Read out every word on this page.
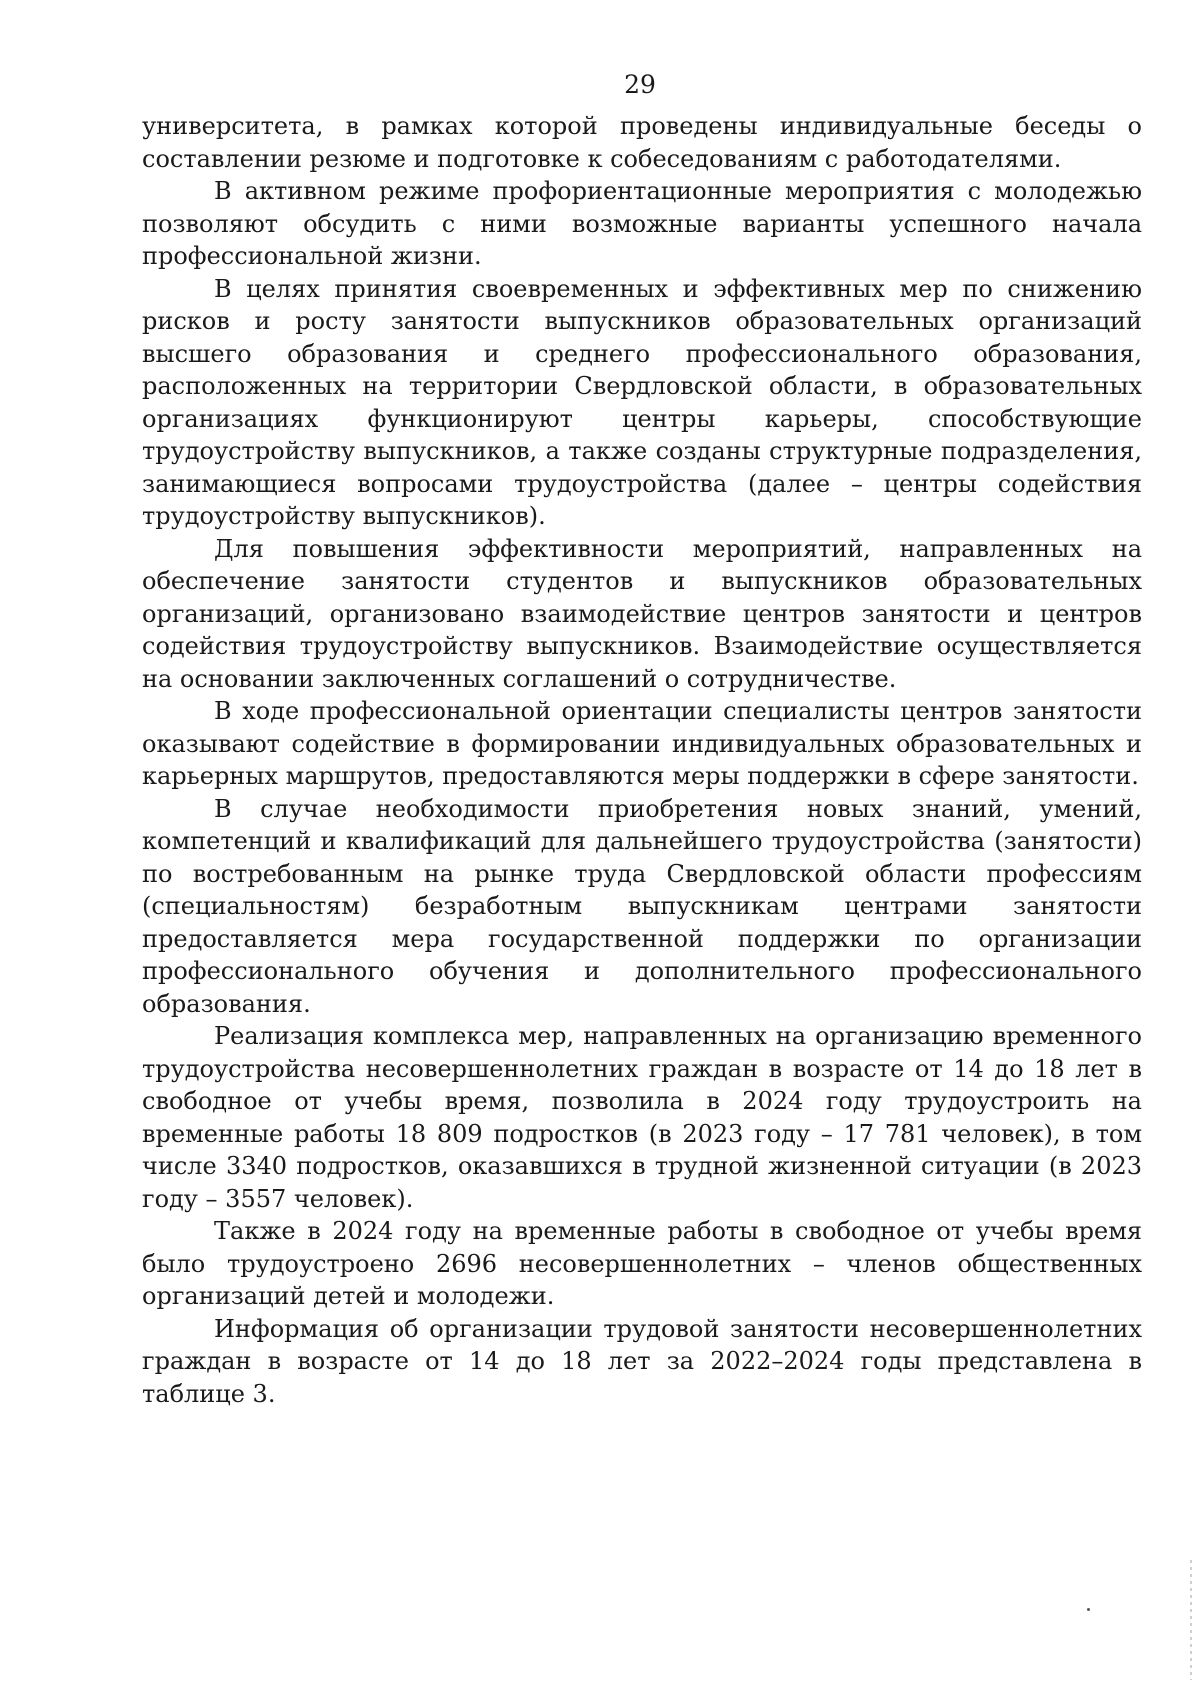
29

университета, в рамках которой проведены индивидуальные беседы о составлении резюме и подготовке к собеседованиям с работодателями.

В активном режиме профориентационные мероприятия с молодежью позволяют обсудить с ними возможные варианты успешного начала профессиональной жизни.

В целях принятия своевременных и эффективных мер по снижению рисков и росту занятости выпускников образовательных организаций высшего образования и среднего профессионального образования, расположенных на территории Свердловской области, в образовательных организациях функционируют центры карьеры, способствующие трудоустройству выпускников, а также созданы структурные подразделения, занимающиеся вопросами трудоустройства (далее – центры содействия трудоустройству выпускников).

Для повышения эффективности мероприятий, направленных на обеспечение занятости студентов и выпускников образовательных организаций, организовано взаимодействие центров занятости и центров содействия трудоустройству выпускников. Взаимодействие осуществляется на основании заключенных соглашений о сотрудничестве.

В ходе профессиональной ориентации специалисты центров занятости оказывают содействие в формировании индивидуальных образовательных и карьерных маршрутов, предоставляются меры поддержки в сфере занятости.

В случае необходимости приобретения новых знаний, умений, компетенций и квалификаций для дальнейшего трудоустройства (занятости) по востребованным на рынке труда Свердловской области профессиям (специальностям) безработным выпускникам центрами занятости предоставляется мера государственной поддержки по организации профессионального обучения и дополнительного профессионального образования.

Реализация комплекса мер, направленных на организацию временного трудоустройства несовершеннолетних граждан в возрасте от 14 до 18 лет в свободное от учебы время, позволила в 2024 году трудоустроить на временные работы 18 809 подростков (в 2023 году – 17 781 человек), в том числе 3340 подростков, оказавшихся в трудной жизненной ситуации (в 2023 году – 3557 человек).

Также в 2024 году на временные работы в свободное от учебы время было трудоустроено 2696 несовершеннолетних – членов общественных организаций детей и молодежи.

Информация об организации трудовой занятости несовершеннолетних граждан в возрасте от 14 до 18 лет за 2022–2024 годы представлена в таблице 3.
